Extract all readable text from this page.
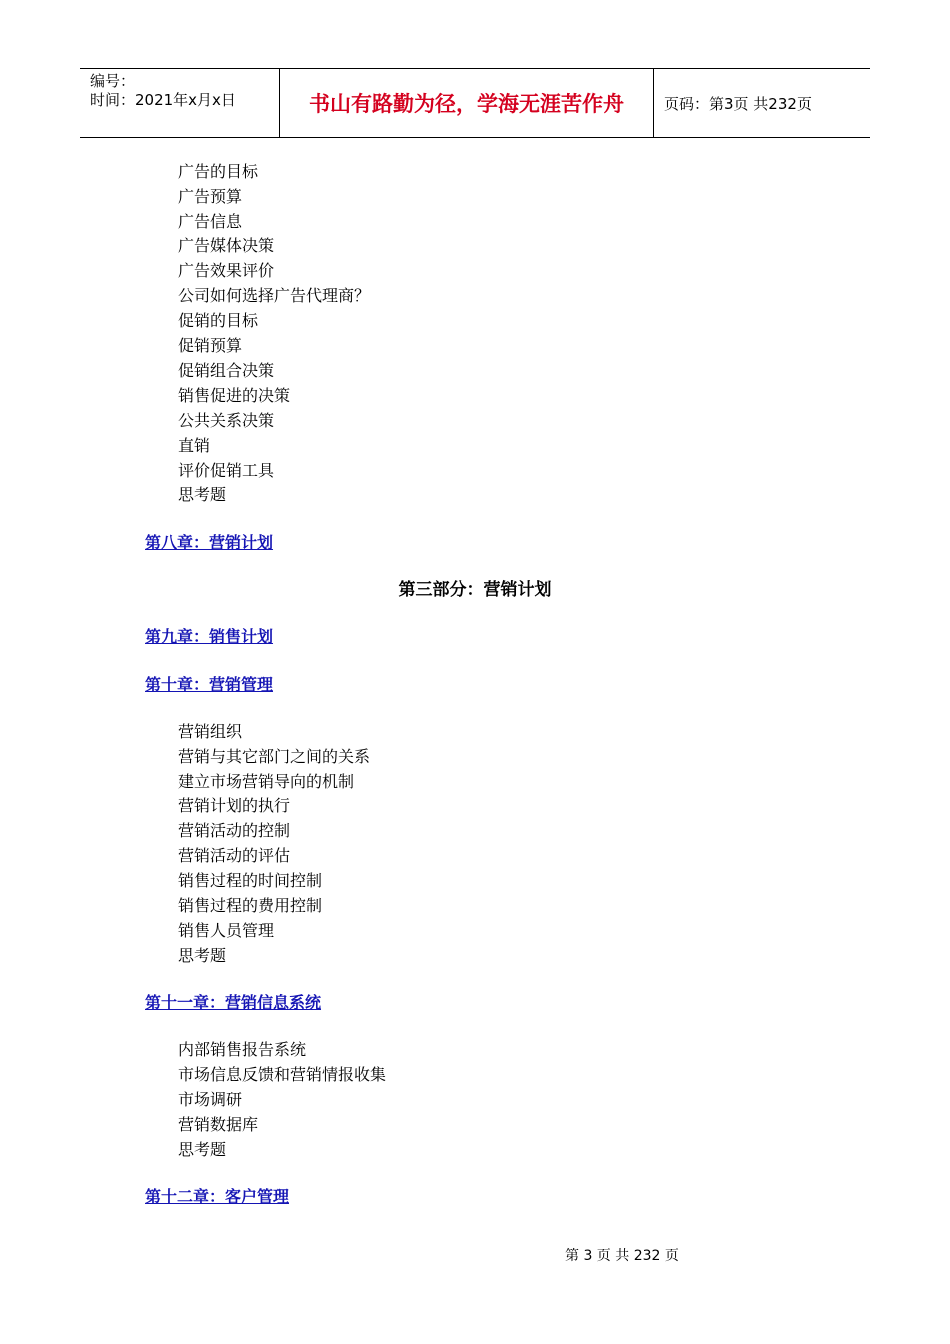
编号：
时间：2021年x月x日	书山有路勤为径，学海无涯苦作舟	页码：第3页 共232页
广告的目标
广告预算
广告信息
广告媒体决策
广告效果评价
公司如何选择广告代理商？
促销的目标
促销预算
促销组合决策
销售促进的决策
公共关系决策
直销
评价促销工具
思考题
第八章：营销计划
第三部分：营销计划
第九章：销售计划
第十章：营销管理
营销组织
营销与其它部门之间的关系
建立市场营销导向的机制
营销计划的执行
营销活动的控制
营销活动的评估
销售过程的时间控制
销售过程的费用控制
销售人员管理
思考题
第十一章：营销信息系统
内部销售报告系统
市场信息反馈和营销情报收集
市场调研
营销数据库
思考题
第十二章：客户管理
第 3 页 共 232 页
